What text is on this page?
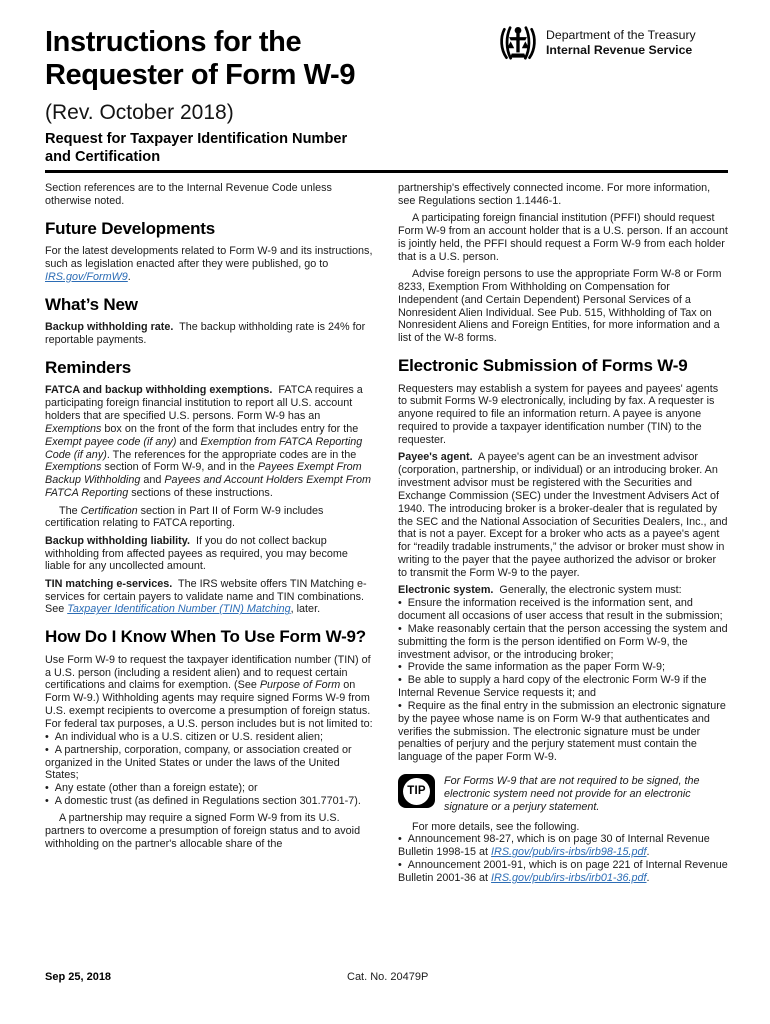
Instructions for the
Requester of Form W-9
(Rev. October 2018)
Request for Taxpayer Identification Number
and Certification
Department of the Treasury
Internal Revenue Service

Section references are to the Internal Revenue Code unless otherwise noted.

Future Developments

For the latest developments related to Form W-9 and its instructions, such as legislation enacted after they were published, go to IRS.gov/FormW9.

What’s New

Backup withholding rate.  The backup withholding rate is 24% for reportable payments.

Reminders

FATCA and backup withholding exemptions.  FATCA requires a participating foreign financial institution to report all U.S. account holders that are specified U.S. persons. Form W-9 has an Exemptions box on the front of the form that includes entry for the Exempt payee code (if any) and Exemption from FATCA Reporting Code (if any). The references for the appropriate codes are in the Exemptions section of Form W-9, and in the Payees Exempt From Backup Withholding and Payees and Account Holders Exempt From FATCA Reporting sections of these instructions.

The Certification section in Part II of Form W-9 includes certification relating to FATCA reporting.

Backup withholding liability.  If you do not collect backup withholding from affected payees as required, you may become liable for any uncollected amount.

TIN matching e-services.  The IRS website offers TIN Matching e-services for certain payers to validate name and TIN combinations. See Taxpayer Identification Number (TIN) Matching, later.

How Do I Know When To Use Form W-9?

Use Form W-9 to request the taxpayer identification number (TIN) of a U.S. person (including a resident alien) and to request certain certifications and claims for exemption. (See Purpose of Form on Form W-9.) Withholding agents may require signed Forms W-9 from U.S. exempt recipients to overcome a presumption of foreign status. For federal tax purposes, a U.S. person includes but is not limited to:

•  An individual who is a U.S. citizen or U.S. resident alien;

•  A partnership, corporation, company, or association created or organized in the United States or under the laws of the United States;

•  Any estate (other than a foreign estate); or

•  A domestic trust (as defined in Regulations section 301.7701-7).

A partnership may require a signed Form W-9 from its U.S. partners to overcome a presumption of foreign status and to avoid withholding on the partner's allocable share of the

partnership's effectively connected income. For more information, see Regulations section 1.1446-1.

A participating foreign financial institution (PFFI) should request Form W-9 from an account holder that is a U.S. person. If an account is jointly held, the PFFI should request a Form W-9 from each holder that is a U.S. person.

Advise foreign persons to use the appropriate Form W-8 or Form 8233, Exemption From Withholding on Compensation for Independent (and Certain Dependent) Personal Services of a Nonresident Alien Individual. See Pub. 515, Withholding of Tax on Nonresident Aliens and Foreign Entities, for more information and a list of the W-8 forms.

Electronic Submission of Forms W-9

Requesters may establish a system for payees and payees' agents to submit Forms W-9 electronically, including by fax. A requester is anyone required to file an information return. A payee is anyone required to provide a taxpayer identification number (TIN) to the requester.

Payee's agent.  A payee's agent can be an investment advisor (corporation, partnership, or individual) or an introducing broker. An investment advisor must be registered with the Securities and Exchange Commission (SEC) under the Investment Advisers Act of 1940. The introducing broker is a broker-dealer that is regulated by the SEC and the National Association of Securities Dealers, Inc., and that is not a payer. Except for a broker who acts as a payee's agent for “readily tradable instruments,” the advisor or broker must show in writing to the payer that the payee authorized the advisor or broker to transmit the Form W-9 to the payer.

Electronic system.  Generally, the electronic system must:

•  Ensure the information received is the information sent, and document all occasions of user access that result in the submission;

•  Make reasonably certain that the person accessing the system and submitting the form is the person identified on Form W-9, the investment advisor, or the introducing broker;

•  Provide the same information as the paper Form W-9;

•  Be able to supply a hard copy of the electronic Form W-9 if the Internal Revenue Service requests it; and

•  Require as the final entry in the submission an electronic signature by the payee whose name is on Form W-9 that authenticates and verifies the submission. The electronic signature must be under penalties of perjury and the perjury statement must contain the language of the paper Form W-9.

TIP
For Forms W-9 that are not required to be signed, the electronic system need not provide for an electronic signature or a perjury statement.

For more details, see the following.

•  Announcement 98-27, which is on page 30 of Internal Revenue Bulletin 1998-15 at IRS.gov/pub/irs-irbs/irb98-15.pdf.

•  Announcement 2001-91, which is on page 221 of Internal Revenue Bulletin 2001-36 at IRS.gov/pub/irs-irbs/irb01-36.pdf.

Sep 25, 2018	Cat. No. 20479P
